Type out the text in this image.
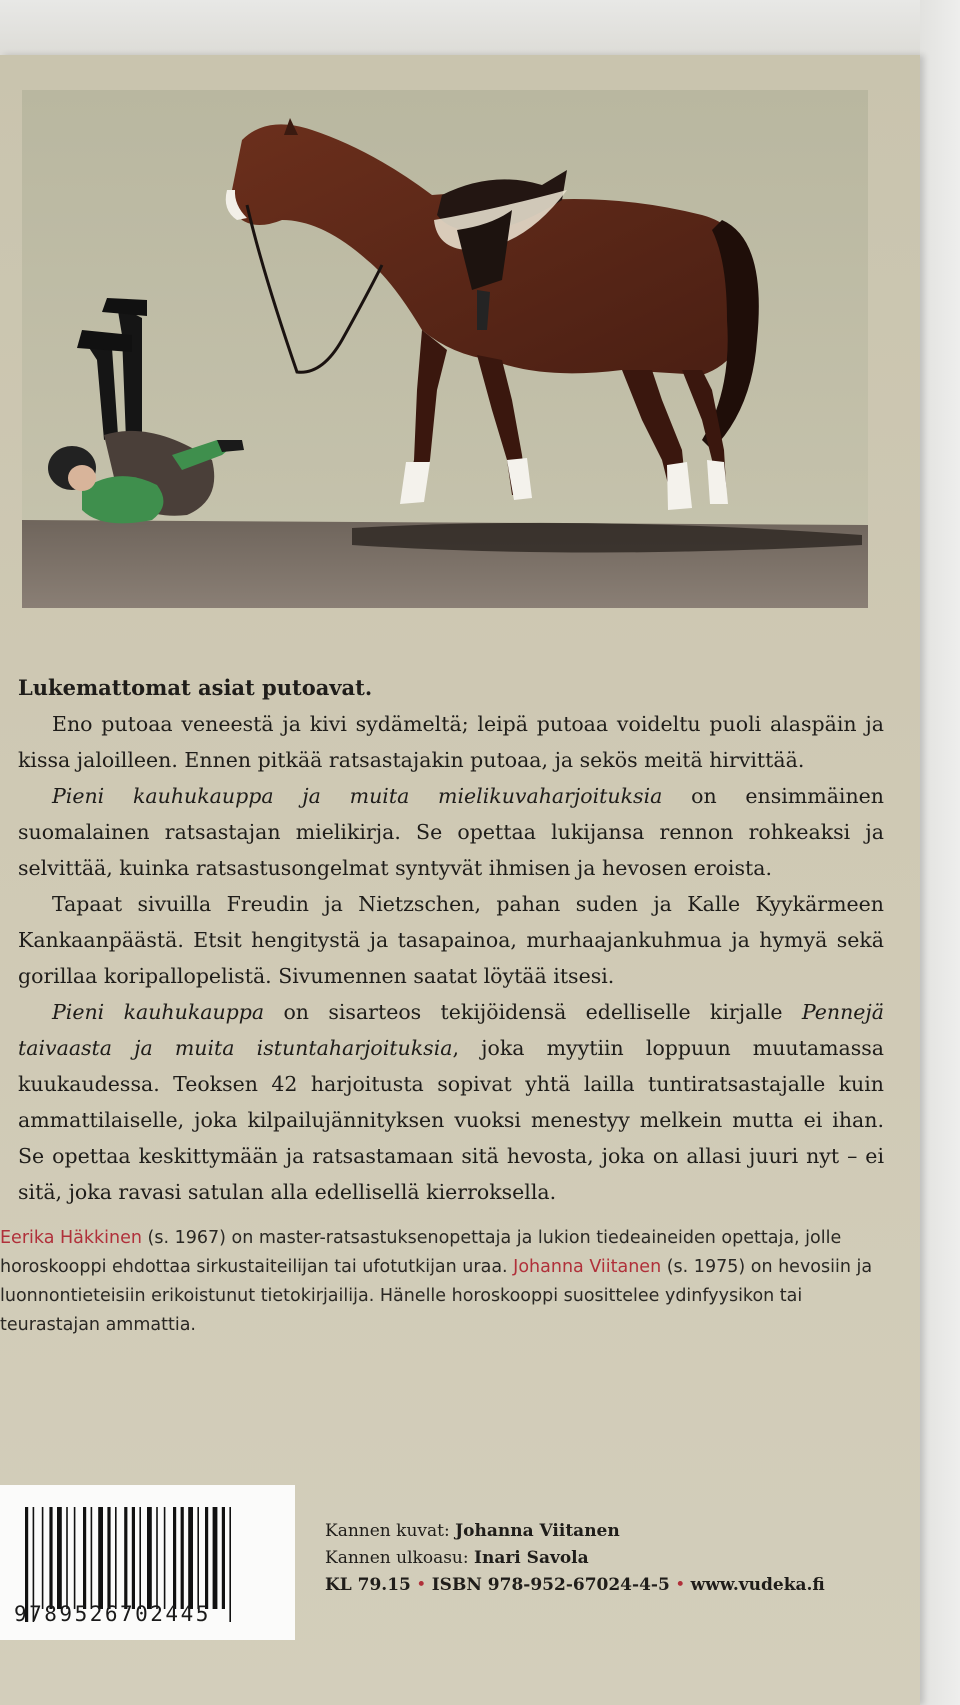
Lukemattomat asiat putoavat.

Eno putoaa veneestä ja kivi sydämeltä; leipä putoaa voideltu puoli alaspäin ja kissa jaloilleen. Ennen pitkää ratsastajakin putoaa, ja sekös meitä hirvittää.

Pieni kauhukauppa ja muita mielikuvaharjoituksia on ensimmäinen suomalainen ratsastajan mielikirja. Se opettaa lukijansa rennon rohkeaksi ja selvittää, kuinka ratsastusongelmat syntyvät ihmisen ja hevosen eroista.

Tapaat sivuilla Freudin ja Nietzschen, pahan suden ja Kalle Kyykärmeen Kankaanpäästä. Etsit hengitystä ja tasapainoa, murhaajankuhmua ja hymyä sekä gorillaa koripallopelistä. Sivumennen saatat löytää itsesi.

Pieni kauhukauppa on sisarteos tekijöidensä edelliselle kirjalle Pennejä taivaasta ja muita istuntaharjoituksia, joka myytiin loppuun muutamassa kuukaudessa. Teoksen 42 harjoitusta sopivat yhtä lailla tuntiratsastajalle kuin ammattilaiselle, joka kilpailujännityksen vuoksi menestyy melkein mutta ei ihan. Se opettaa keskittymään ja ratsastamaan sitä hevosta, joka on allasi juuri nyt – ei sitä, joka ravasi satulan alla edellisellä kierroksella.

Eerika Häkkinen (s. 1967) on master-ratsastuksenopettaja ja lukion tiedeaineiden opettaja, jolle horoskooppi ehdottaa sirkustaiteilijan tai ufotutkijan uraa. Johanna Viitanen (s. 1975) on hevosiin ja luonnontieteisiin erikoistunut tietokirjailija. Hänelle horoskooppi suosittelee ydinfyysikon tai teurastajan ammattia.

9789526702445
Kannen kuvat: Johanna Viitanen
Kannen ulkoasu: Inari Savola
KL 79.15 • ISBN 978-952-67024-4-5 • www.vudeka.fi
